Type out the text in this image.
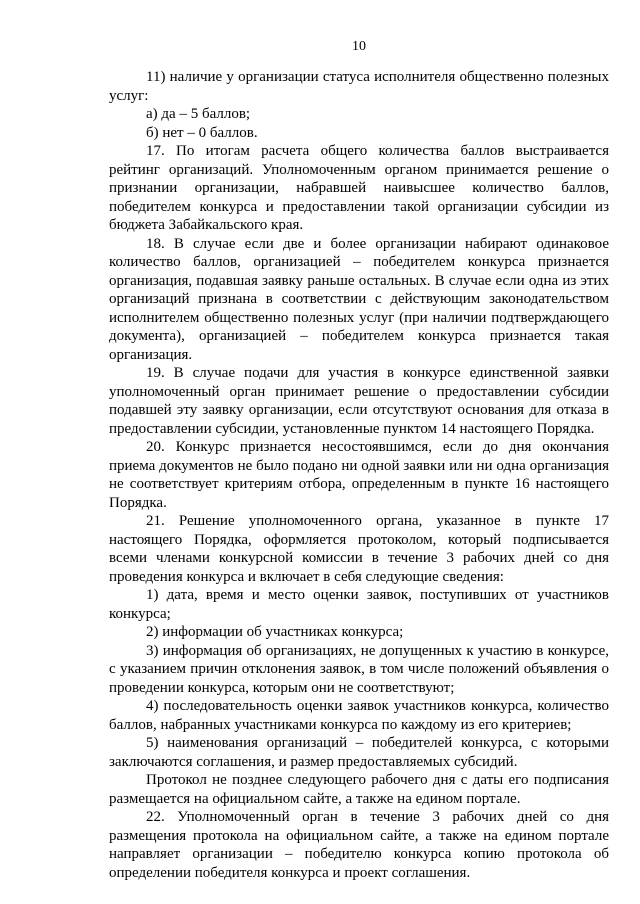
10

11) наличие у организации статуса исполнителя общественно полезных услуг:

а) да – 5 баллов;

б) нет – 0 баллов.

17. По итогам расчета общего количества баллов выстраивается рейтинг организаций. Уполномоченным органом принимается решение о признании организации, набравшей наивысшее количество баллов, победителем конкурса и предоставлении такой организации субсидии из бюджета Забайкальского края.

18. В случае если две и более организации набирают одинаковое количество баллов, организацией – победителем конкурса признается организация, подавшая заявку раньше остальных. В случае если одна из этих организаций признана в соответствии с действующим законодательством исполнителем общественно полезных услуг (при наличии подтверждающего документа), организацией – победителем конкурса признается такая организация.

19. В случае подачи для участия в конкурсе единственной заявки уполномоченный орган принимает решение о предоставлении субсидии подавшей эту заявку организации, если отсутствуют основания для отказа в предоставлении субсидии, установленные пунктом 14 настоящего Порядка.

20. Конкурс признается несостоявшимся, если до дня окончания приема документов не было подано ни одной заявки или ни одна организация не соответствует критериям отбора, определенным в пункте 16 настоящего Порядка.

21. Решение уполномоченного органа, указанное в пункте 17 настоящего Порядка, оформляется протоколом, который подписывается всеми членами конкурсной комиссии в течение 3 рабочих дней со дня проведения конкурса и включает в себя следующие сведения:

1) дата, время и место оценки заявок, поступивших от участников конкурса;

2) информации об участниках конкурса;

3) информация об организациях, не допущенных к участию в конкурсе, с указанием причин отклонения заявок, в том числе положений объявления о проведении конкурса, которым они не соответствуют;

4) последовательность оценки заявок участников конкурса, количество баллов, набранных участниками конкурса по каждому из его критериев;

5) наименования организаций – победителей конкурса, с которыми заключаются соглашения, и размер предоставляемых субсидий.

Протокол не позднее следующего рабочего дня с даты его подписания размещается на официальном сайте, а также на едином портале.

22. Уполномоченный орган в течение 3 рабочих дней со дня размещения протокола на официальном сайте, а также на едином портале направляет организации – победителю конкурса копию протокола об определении победителя конкурса и проект соглашения.
